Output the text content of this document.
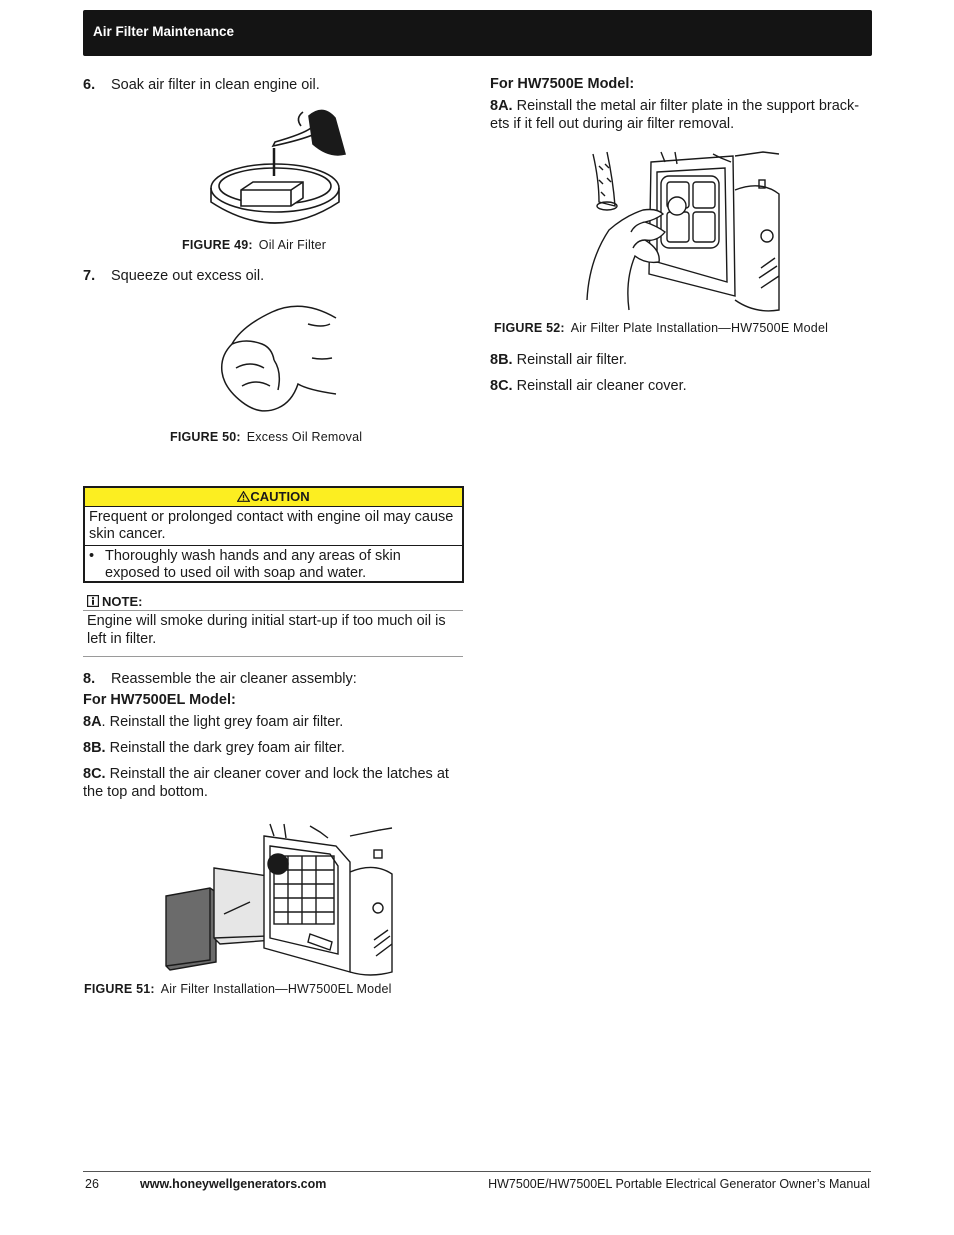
Air Filter Maintenance
6. Soak air filter in clean engine oil.
FIGURE 49: Oil Air Filter
7. Squeeze out excess oil.
FIGURE 50: Excess Oil Removal
CAUTION
Frequent or prolonged contact with engine oil may cause skin cancer.
• Thoroughly wash hands and any areas of skin exposed to used oil with soap and water.
NOTE:
Engine will smoke during initial start-up if too much oil is left in filter.
8. Reassemble the air cleaner assembly:
For HW7500EL Model:
8A. Reinstall the light grey foam air filter.
8B. Reinstall the dark grey foam air filter.
8C. Reinstall the air cleaner cover and lock the latches at the top and bottom.
FIGURE 51: Air Filter Installation—HW7500EL Model
For HW7500E Model:
8A. Reinstall the metal air filter plate in the support brack-ets if it fell out during air filter removal.
FIGURE 52: Air Filter Plate Installation—HW7500E Model
8B. Reinstall air filter.
8C. Reinstall air cleaner cover.
26	www.honeywellgenerators.com	HW7500E/HW7500EL Portable Electrical Generator Owner’s Manual
